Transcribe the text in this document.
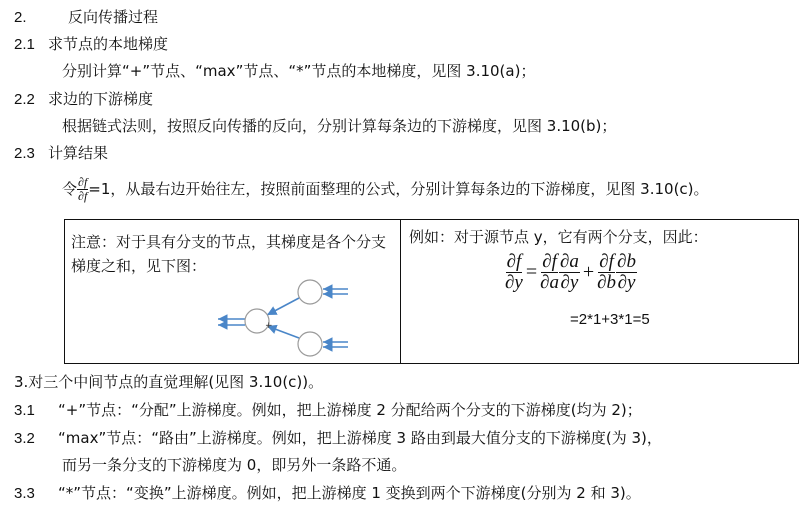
2.	反向传播过程
2.1 求节点的本地梯度
分别计算“+”节点、“max”节点、“*”节点的本地梯度，见图 3.10(a)；
2.2 求边的下游梯度
根据链式法则，按照反向传播的反向，分别计算每条边的下游梯度，见图 3.10(b)；
2.3 计算结果
令 $\frac{\partial f}{\partial f} =1$，从最右边开始往左，按照前面整理的公式，分别计算每条边的下游梯度，见图 3.10(c)。
注意：对于具有分支的节点，其梯度是各个分支梯度之和，见下图：
+
例如：对于源节点 y，它有两个分支，因此：
$\frac{\partial f}{\partial y} = \frac{\partial f}{\partial a} \frac{\partial a}{\partial y} + \frac{\partial f}{\partial b} \frac{\partial b}{\partial y}$
=2*1+3*1=5
3.对三个中间节点的直觉理解(见图 3.10(c))。
3.1 “+”节点：“分配”上游梯度。例如，把上游梯度 2 分配给两个分支的下游梯度(均为 2)；
3.2 “max”节点：“路由”上游梯度。例如，把上游梯度 3 路由到最大值分支的下游梯度(为 3)，
而另一条分支的下游梯度为 0，即另外一条路不通。
3.3 “*”节点：“变换”上游梯度。例如，把上游梯度 1 变换到两个下游梯度(分别为 2 和 3)。
